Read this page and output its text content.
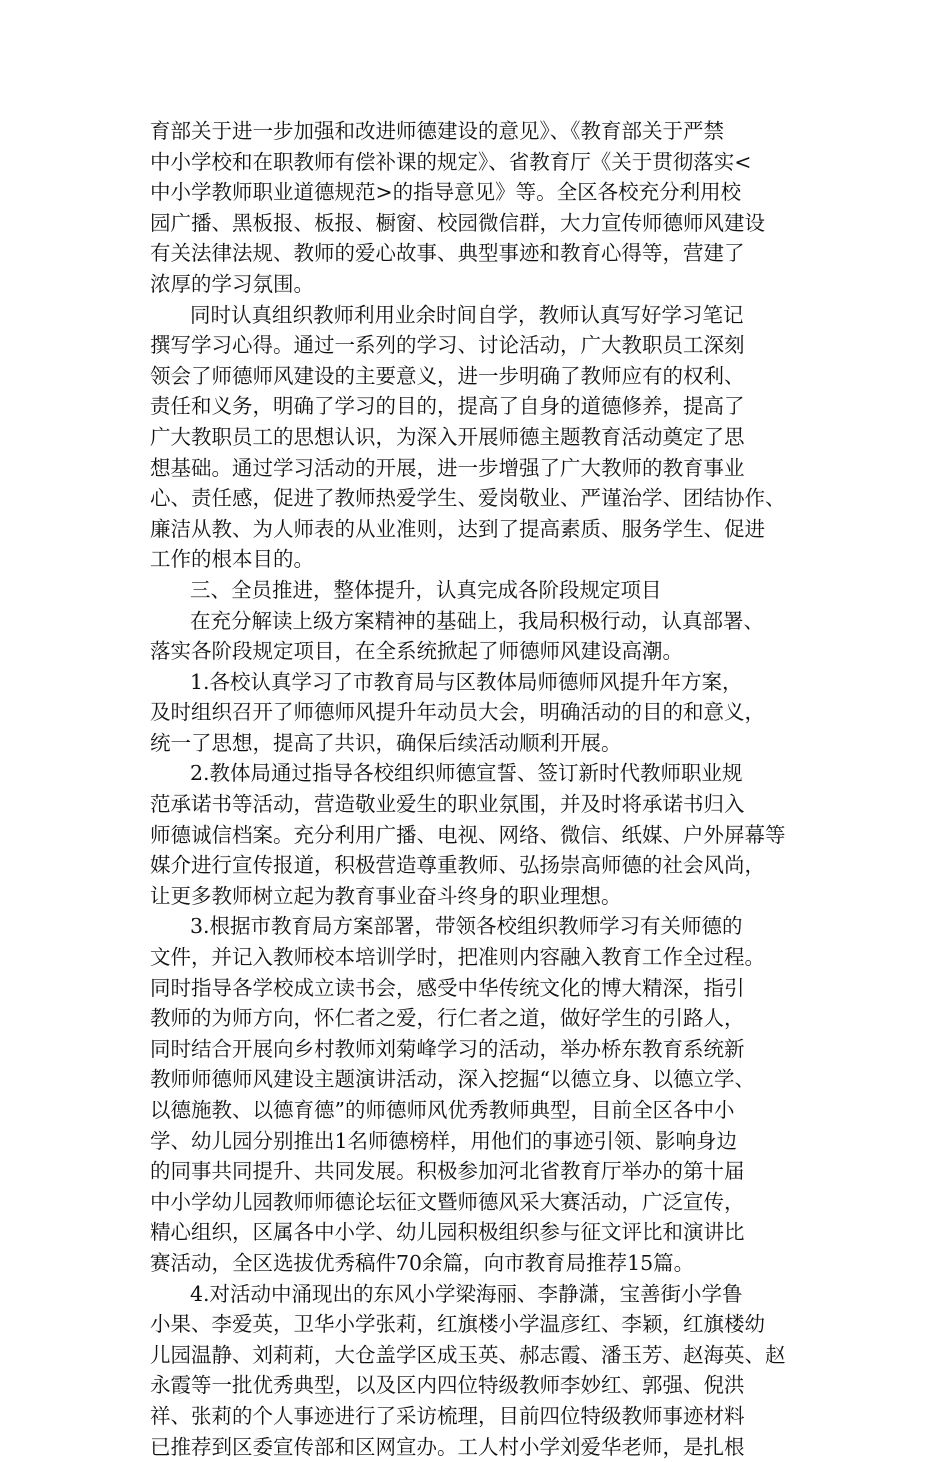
育部关于进一步加强和改进师德建设的意见》、《教育部关于严禁
中小学校和在职教师有偿补课的规定》、省教育厅《关于贯彻落实<
中小学教师职业道德规范>的指导意见》等。全区各校充分利用校
园广播、黑板报、板报、橱窗、校园微信群，大力宣传师德师风建设
有关法律法规、教师的爱心故事、典型事迹和教育心得等，营建了
浓厚的学习氛围。
同时认真组织教师利用业余时间自学，教师认真写好学习笔记
撰写学习心得。通过一系列的学习、讨论活动，广大教职员工深刻
领会了师德师风建设的主要意义，进一步明确了教师应有的权利、
责任和义务，明确了学习的目的，提高了自身的道德修养，提高了
广大教职员工的思想认识，为深入开展师德主题教育活动奠定了思
想基础。通过学习活动的开展，进一步增强了广大教师的教育事业
心、责任感，促进了教师热爱学生、爱岗敬业、严谨治学、团结协作、
廉洁从教、为人师表的从业准则，达到了提高素质、服务学生、促进
工作的根本目的。
三、全员推进，整体提升，认真完成各阶段规定项目
在充分解读上级方案精神的基础上，我局积极行动，认真部署、
落实各阶段规定项目，在全系统掀起了师德师风建设高潮。
1.各校认真学习了市教育局与区教体局师德师风提升年方案，
及时组织召开了师德师风提升年动员大会，明确活动的目的和意义，
统一了思想，提高了共识，确保后续活动顺利开展。
2.教体局通过指导各校组织师德宣誓、签订新时代教师职业规
范承诺书等活动，营造敬业爱生的职业氛围，并及时将承诺书归入
师德诚信档案。充分利用广播、电视、网络、微信、纸媒、户外屏幕等
媒介进行宣传报道，积极营造尊重教师、弘扬崇高师德的社会风尚，
让更多教师树立起为教育事业奋斗终身的职业理想。
3.根据市教育局方案部署，带领各校组织教师学习有关师德的
文件，并记入教师校本培训学时，把准则内容融入教育工作全过程。
同时指导各学校成立读书会，感受中华传统文化的博大精深，指引
教师的为师方向，怀仁者之爱，行仁者之道，做好学生的引路人，
同时结合开展向乡村教师刘菊峰学习的活动，举办桥东教育系统新
教师师德师风建设主题演讲活动，深入挖掘“以德立身、以德立学、
以德施教、以德育德”的师德师风优秀教师典型，目前全区各中小
学、幼儿园分别推出1名师德榜样，用他们的事迹引领、影响身边
的同事共同提升、共同发展。积极参加河北省教育厅举办的第十届
中小学幼儿园教师师德论坛征文暨师德风采大赛活动，广泛宣传，
精心组织，区属各中小学、幼儿园积极组织参与征文评比和演讲比
赛活动，全区选拔优秀稿件70余篇，向市教育局推荐15篇。
4.对活动中涌现出的东风小学梁海丽、李静潇，宝善街小学鲁
小果、李爱英，卫华小学张莉，红旗楼小学温彦红、李颖，红旗楼幼
儿园温静、刘莉莉，大仓盖学区成玉英、郝志霞、潘玉芳、赵海英、赵
永霞等一批优秀典型，以及区内四位特级教师李妙红、郭强、倪洪
祥、张莉的个人事迹进行了采访梳理，目前四位特级教师事迹材料
已推荐到区委宣传部和区网宣办。工人村小学刘爱华老师，是扎根
